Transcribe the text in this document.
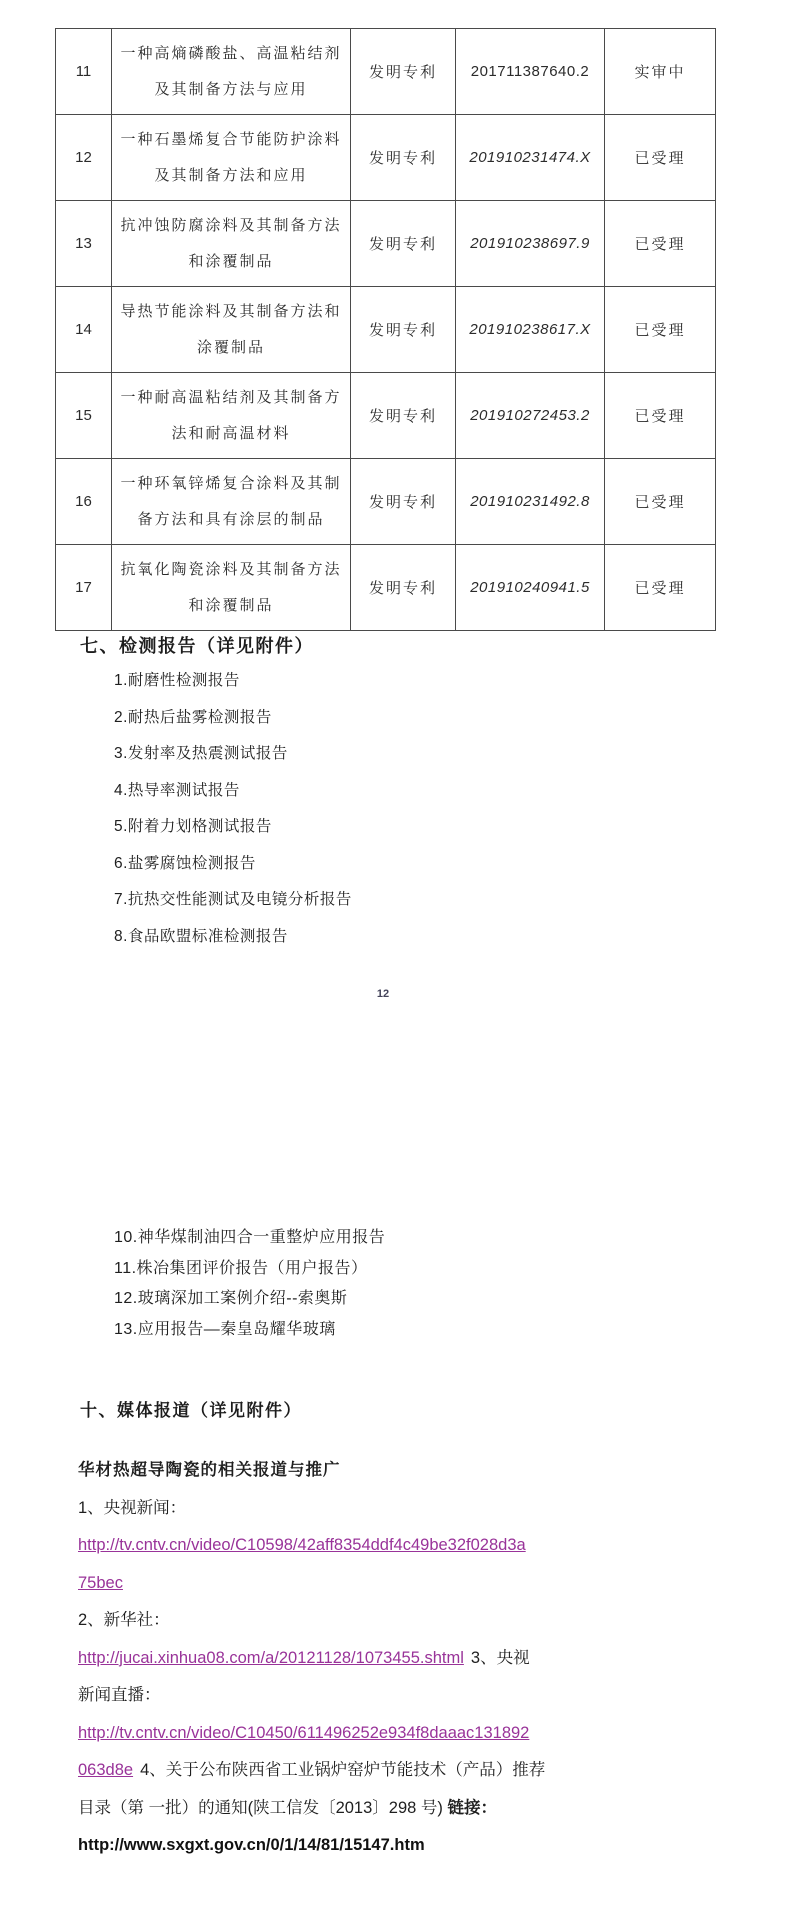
11	一种高熵磷酸盐、高温粘结剂
及其制备方法与应用	发明专利	201711387640.2	实审中
12	一种石墨烯复合节能防护涂料
及其制备方法和应用	发明专利	201910231474.X	已受理
13	抗冲蚀防腐涂料及其制备方法
和涂覆制品	发明专利	201910238697.9	已受理
14	导热节能涂料及其制备方法和
涂覆制品	发明专利	201910238617.X	已受理
15	一种耐高温粘结剂及其制备方
法和耐高温材料	发明专利	201910272453.2	已受理
16	一种环氧锌烯复合涂料及其制
备方法和具有涂层的制品	发明专利	201910231492.8	已受理
17	抗氧化陶瓷涂料及其制备方法
和涂覆制品	发明专利	201910240941.5	已受理
七、检测报告（详见附件）
1.耐磨性检测报告
2.耐热后盐雾检测报告
3.发射率及热震测试报告
4.热导率测试报告
5.附着力划格测试报告
6.盐雾腐蚀检测报告
7.抗热交性能测试及电镜分析报告
8.食品欧盟标准检测报告
12
10.神华煤制油四合一重整炉应用报告
11.株冶集团评价报告（用户报告）
12.玻璃深加工案例介绍--索奥斯
13.应用报告—秦皇岛耀华玻璃
十、媒体报道（详见附件）
华材热超导陶瓷的相关报道与推广
1、央视新闻：
http://tv.cntv.cn/video/C10598/42aff8354ddf4c49be32f028d3a
75bec
2、新华社：
http://jucai.xinhua08.com/a/20121128/1073455.shtml 3、央视
新闻直播：
http://tv.cntv.cn/video/C10450/611496252e934f8daaac131892
063d8e 4、关于公布陕西省工业锅炉窑炉节能技术（产品）推荐
目录（第 一批）的通知(陕工信发〔2013〕298 号) 链接：
http://www.sxgxt.gov.cn/0/1/14/81/15147.htm
